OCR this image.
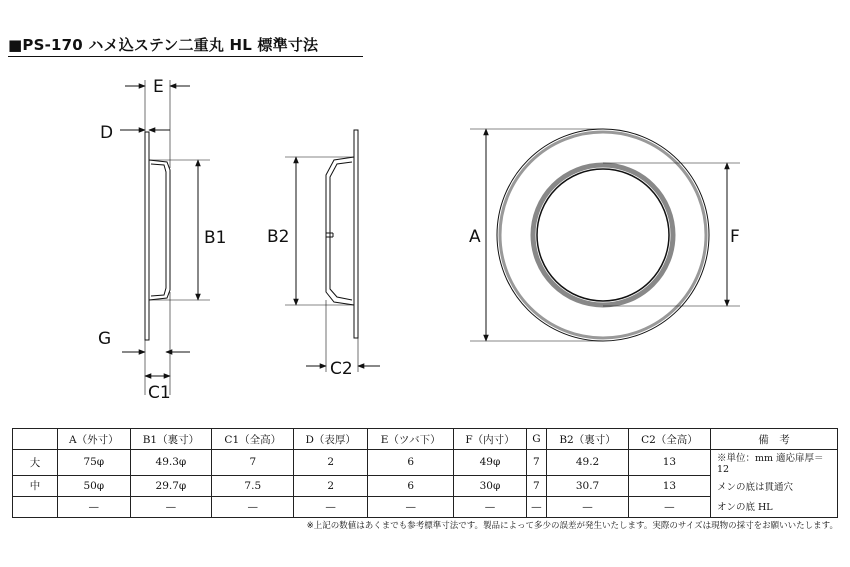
■PS-170 ハメ込ステン二重丸 HL 標準寸法
E
D
B1
G
C1
B2
C2
A	F
	A（外寸）	B1（裏寸）	C1（全高）	D（表厚）	E（ツバ下）	F（内寸）	G	B2（裏寸）	C2（全高）	備　考
大	75φ	49.3φ	7	2	6	49φ	7	49.2	13	※単位：mm 適応扉厚＝12
中	50φ	29.7φ	7.5	2	6	30φ	7	30.7	13	メンの底は貫通穴
	—	—	—	—	—	—	—	—	—	オンの底 HL
※上記の数値はあくまでも参考標準寸法です。製品によって多少の誤差が発生いたします。実際のサイズは現物の採寸をお願いいたします。
